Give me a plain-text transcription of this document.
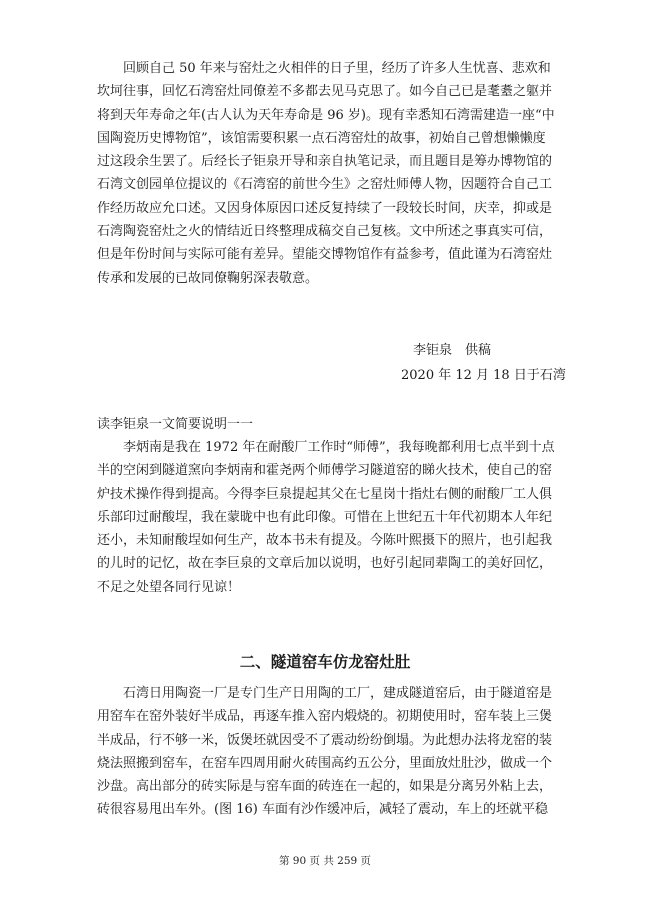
回顾自己 50 年来与窑灶之火相伴的日子里，经历了许多人生忧喜、悲欢和
坎坷往事，回忆石湾窑灶同僚差不多都去见马克思了。如今自己已是耄耋之躯并
将到天年寿命之年(古人认为天年寿命是 96 岁)。现有幸悉知石湾需建造一座“中
国陶瓷历史博物馆”，该馆需要积累一点石湾窑灶的故事，初始自己曾想懒懒度
过这段余生罢了。后经长子钜泉开导和亲自执笔记录，而且题目是筹办博物馆的
石湾文创园单位提议的《石湾窑的前世今生》之窑灶师傅人物，因题符合自己工
作经历故应允口述。又因身体原因口述反复持续了一段较长时间，庆幸，抑或是
石湾陶瓷窑灶之火的情结近日终整理成稿交自己复核。文中所述之事真实可信，
但是年份时间与实际可能有差异。望能交博物馆作有益参考，值此谨为石湾窑灶
传承和发展的已故同僚鞠躬深表敬意。

李钜泉　供稿

2020 年 12 月 18 日于石湾

读李钜泉一文简要说明一一

李炳南是我在 1972 年在耐酸厂工作时“师傅”，我每晚都利用七点半到十点
半的空闲到隧道窯向李炳南和霍尧两个师傅学习隧道窑的睇火技术，使自己的窑
炉技术操作得到提高。今得李巨泉提起其父在七星岗十指灶右侧的耐酸厂工人俱
乐部印过耐酸埕，我在蒙昽中也有此印像。可惜在上世纪五十年代初期本人年纪
还小，未知耐酸埕如何生产，故本书未有提及。今陈叶熙摄下的照片，也引起我
的儿时的记忆，故在李巨泉的文章后加以说明，也好引起同辈陶工的美好回忆，
不足之处望各同行见谅！
二、隧道窑车仿龙窑灶肚
石湾日用陶瓷一厂是专门生产日用陶的工厂，建成隧道窑后，由于隧道窑是
用窑车在窑外装好半成品，再逐车推入窑内煅烧的。初期使用时，窑车装上三煲
半成品，行不够一米，饭煲坯就因受不了震动纷纷倒塌。为此想办法将龙窑的装
烧法照搬到窑车，在窑车四周用耐火砖围高约五公分，里面放灶肚沙，做成一个
沙盘。高出部分的砖实际是与窑车面的砖连在一起的，如果是分离另外粘上去，
砖很容易甩出车外。(图 16) 车面有沙作缓冲后，减轻了震动，车上的坯就平稳

第 90 页 共 259 页
